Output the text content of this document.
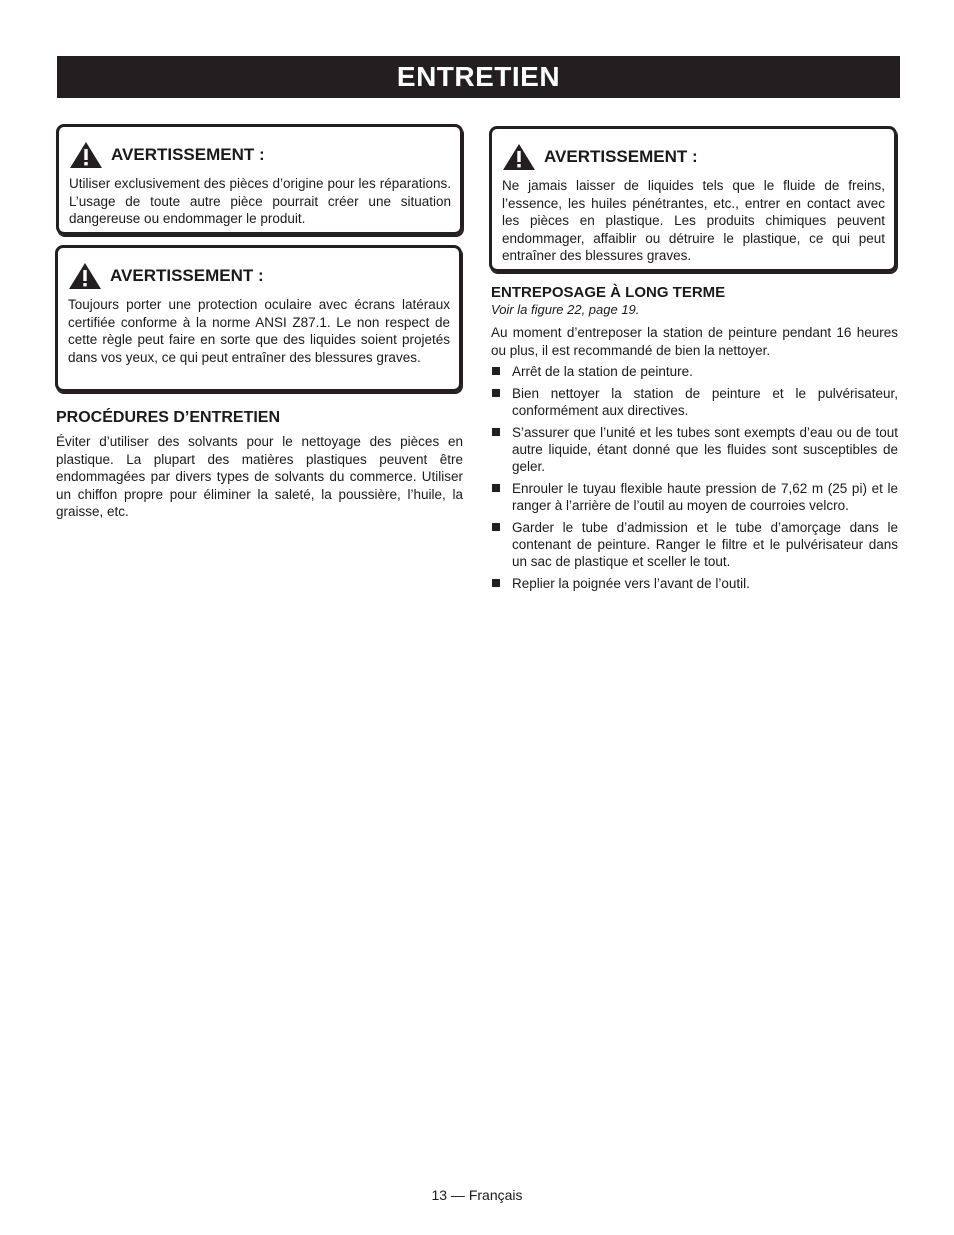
ENTRETIEN
AVERTISSEMENT :
Utiliser exclusivement des pièces d’origine pour les réparations. L’usage de toute autre pièce pourrait créer une situation dangereuse ou endommager le produit.
AVERTISSEMENT :
Toujours porter une protection oculaire avec écrans latéraux certifiée conforme à la norme ANSI Z87.1. Le non respect de cette règle peut faire en sorte que des liquides soient projetés dans vos yeux, ce qui peut entraîner des blessures graves.
PROCÉDURES D’ENTRETIEN
Éviter d’utiliser des solvants pour le nettoyage des pièces en plastique. La plupart des matières plastiques peuvent être endommagées par divers types de solvants du commerce. Utiliser un chiffon propre pour éliminer la saleté, la poussière, l’huile, la graisse, etc.
AVERTISSEMENT :
Ne jamais laisser de liquides tels que le fluide de freins, l’essence, les huiles pénétrantes, etc., entrer en contact avec les pièces en plastique. Les produits chimiques peuvent endommager, affaiblir ou détruire le plastique, ce qui peut entraîner des blessures graves.
ENTREPOSAGE À LONG TERME
Voir la figure 22, page 19.
Au moment d’entreposer la station de peinture pendant 16 heures ou plus, il est recommandé de bien la nettoyer.
Arrêt de la station de peinture.
Bien nettoyer la station de peinture et le pulvérisateur, conformément aux directives.
S’assurer que l’unité et les tubes sont exempts d’eau ou de tout autre liquide, étant donné que les fluides sont susceptibles de geler.
Enrouler le tuyau flexible haute pression de 7,62 m (25 pi) et le ranger à l’arrière de l’outil au moyen de courroies velcro.
Garder le tube d’admission et le tube d’amorçage dans le contenant de peinture. Ranger le filtre et le pulvérisateur dans un sac de plastique et sceller le tout.
Replier la poignée vers l’avant de l’outil.
13 — Français
